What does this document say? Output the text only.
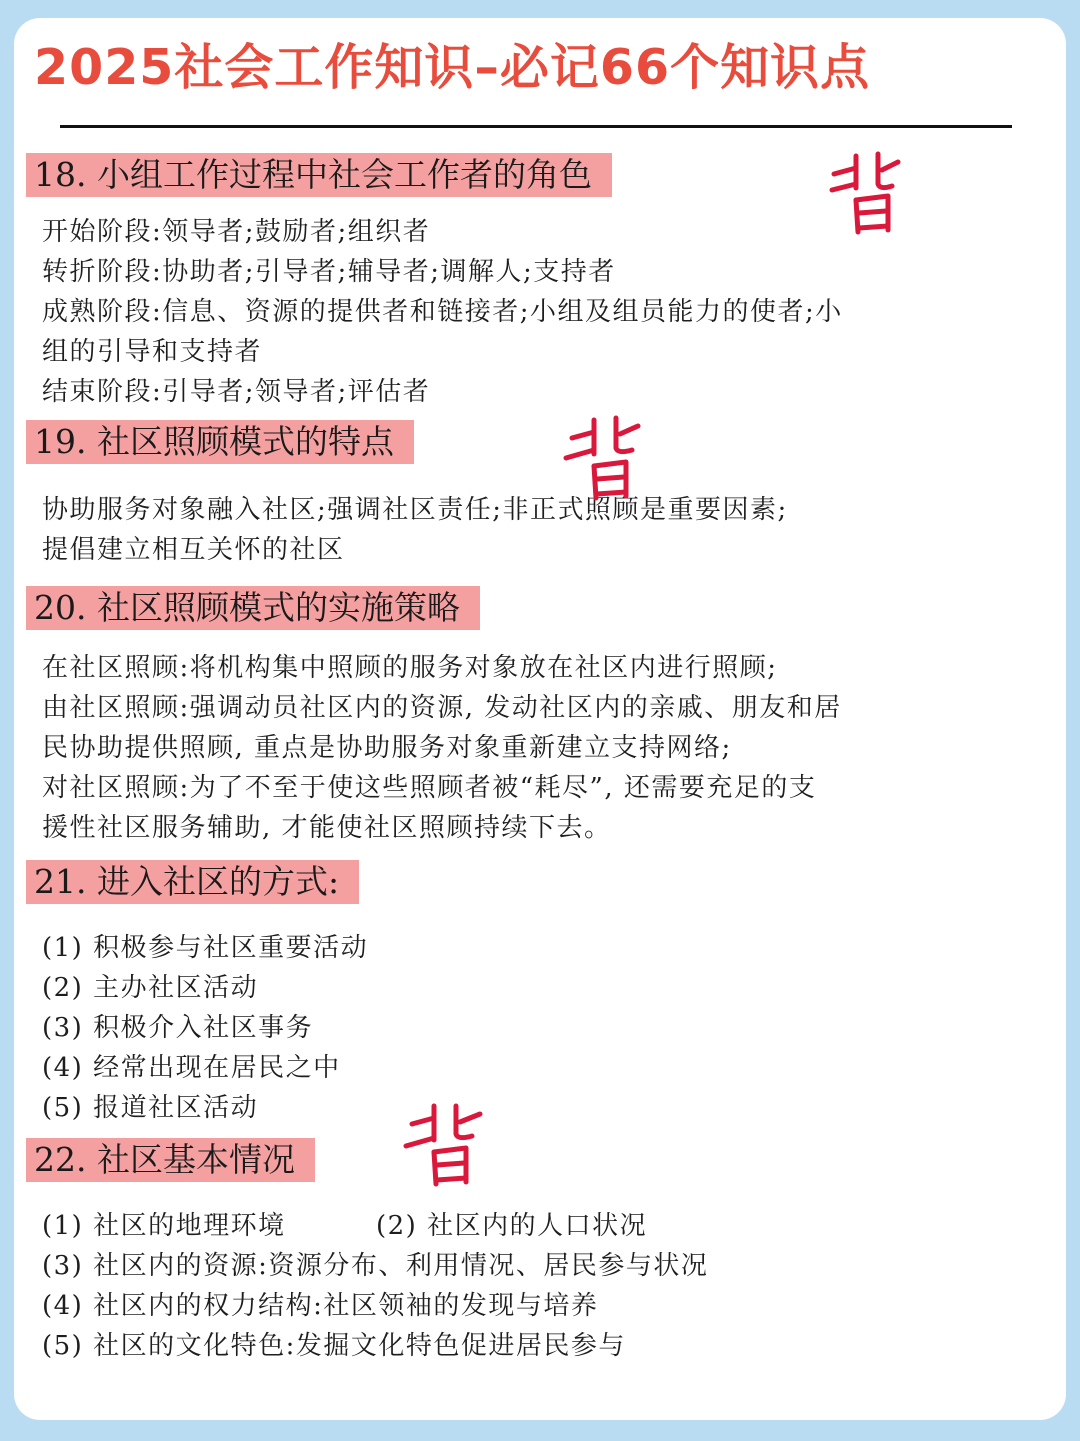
2025社会工作知识–必记66个知识点
18. 小组工作过程中社会工作者的角色
开始阶段:领导者;鼓励者;组织者
转折阶段:协助者;引导者;辅导者;调解人;支持者
成熟阶段:信息、资源的提供者和链接者;小组及组员能力的使者;小
组的引导和支持者
结束阶段:引导者;领导者;评估者
19. 社区照顾模式的特点
协助服务对象融入社区;强调社区责任;非正式照顾是重要因素;
提倡建立相互关怀的社区
20. 社区照顾模式的实施策略
在社区照顾:将机构集中照顾的服务对象放在社区内进行照顾;
由社区照顾:强调动员社区内的资源, 发动社区内的亲戚、朋友和居
民协助提供照顾, 重点是协助服务对象重新建立支持网络;
对社区照顾:为了不至于使这些照顾者被“耗尽”, 还需要充足的支
援性社区服务辅助, 才能使社区照顾持续下去。
21. 进入社区的方式:
(1) 积极参与社区重要活动
(2) 主办社区活动
(3) 积极介入社区事务
(4) 经常出现在居民之中
(5) 报道社区活动
22. 社区基本情况
(1) 社区的地理环境	(2) 社区内的人口状况
(3) 社区内的资源:资源分布、利用情况、居民参与状况
(4) 社区内的权力结构:社区领袖的发现与培养
(5) 社区的文化特色:发掘文化特色促进居民参与
